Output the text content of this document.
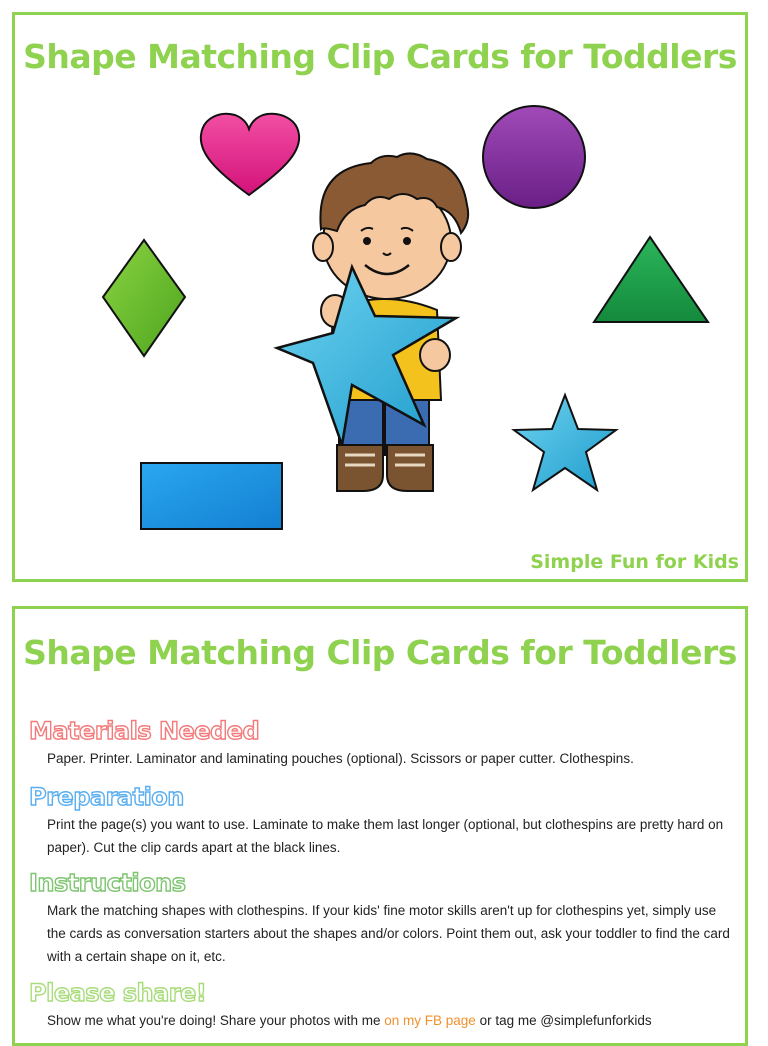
Shape Matching Clip Cards for Toddlers
Simple Fun for Kids
Shape Matching Clip Cards for Toddlers
Materials Needed

Paper. Printer. Laminator and laminating pouches (optional). Scissors or paper cutter. Clothespins.

Preparation

Print the page(s) you want to use. Laminate to make them last longer (optional, but clothespins are pretty hard on paper). Cut the clip cards apart at the black lines.

Instructions

Mark the matching shapes with clothespins. If your kids' fine motor skills aren't up for clothespins yet, simply use the cards as conversation starters about the shapes and/or colors. Point them out, ask your toddler to find the card with a certain shape on it, etc.

Please share!

Show me what you're doing! Share your photos with me on my FB page or tag me @simplefunforkids
